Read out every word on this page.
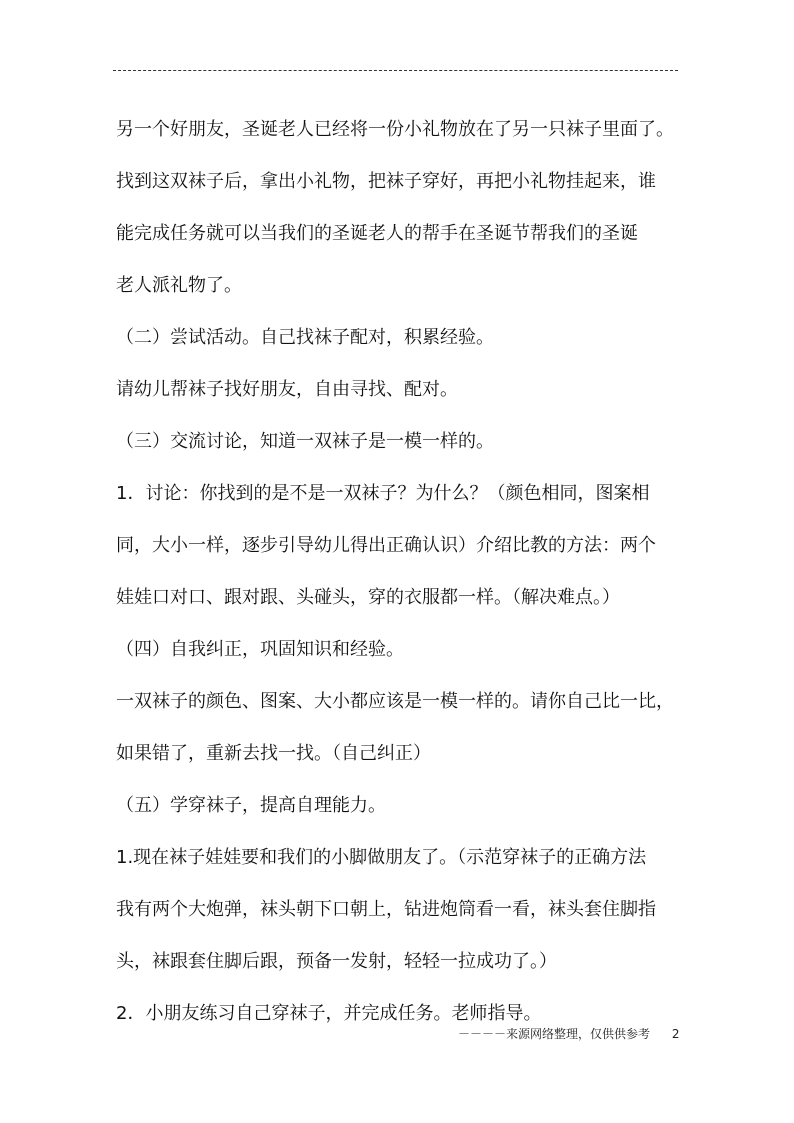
另一个好朋友，圣诞老人已经将一份小礼物放在了另一只袜子里面了。

找到这双袜子后，拿出小礼物，把袜子穿好，再把小礼物挂起来，谁

能完成任务就可以当我们的圣诞老人的帮手在圣诞节帮我们的圣诞

老人派礼物了。

（二）尝试活动。自己找袜子配对，积累经验。

请幼儿帮袜子找好朋友，自由寻找、配对。

（三）交流讨论，知道一双袜子是一模一样的。

1．讨论：你找到的是不是一双袜子？为什么？（颜色相同，图案相

同，大小一样，逐步引导幼儿得出正确认识）介绍比教的方法：两个

娃娃口对口、跟对跟、头碰头，穿的衣服都一样。（解决难点。）

（四）自我纠正，巩固知识和经验。

一双袜子的颜色、图案、大小都应该是一模一样的。请你自己比一比，

如果错了，重新去找一找。（自己纠正）

（五）学穿袜子，提高自理能力。

1.现在袜子娃娃要和我们的小脚做朋友了。（示范穿袜子的正确方法

我有两个大炮弹，袜头朝下口朝上，钻进炮筒看一看，袜头套住脚指

头，袜跟套住脚后跟，预备一发射，轻轻一拉成功了。）

2．小朋友练习自己穿袜子，并完成任务。老师指导。

－－－－来源网络整理，仅供供参考 2
